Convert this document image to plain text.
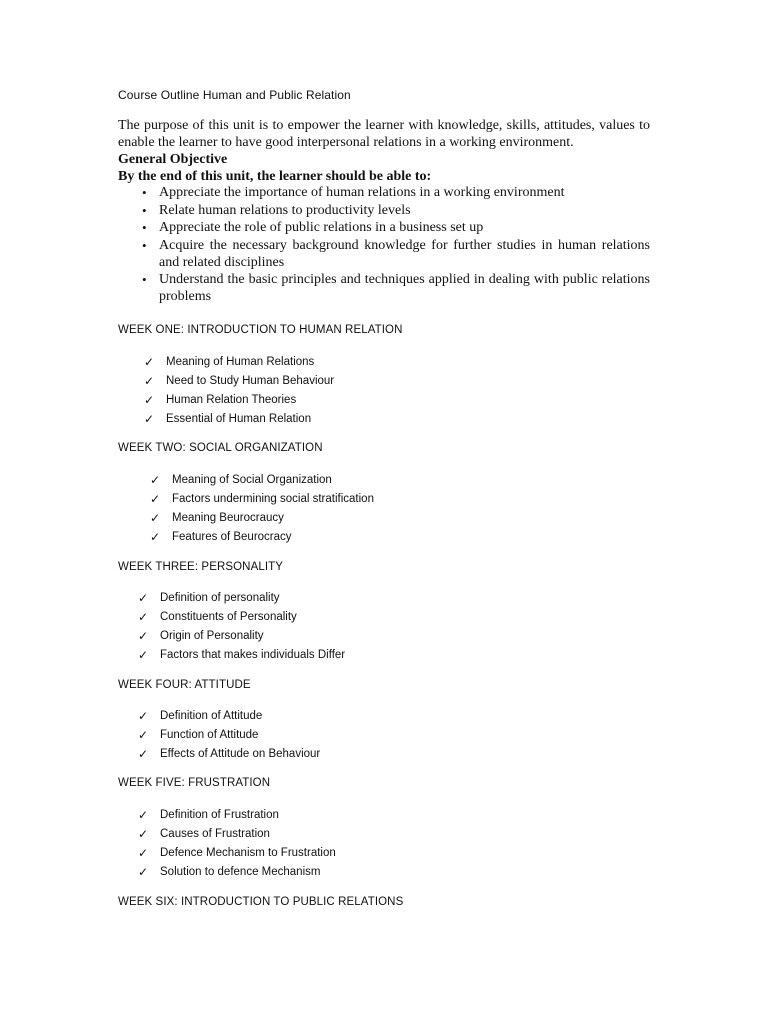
Course Outline Human and Public Relation
The purpose of this unit is to empower the learner with knowledge, skills, attitudes, values to enable the learner to have good interpersonal relations in a working environment.
General Objective
By the end of this unit, the learner should be able to:
• Appreciate the importance of human relations in a working environment
• Relate human relations to productivity levels
• Appreciate the role of public relations in a business set up
• Acquire the necessary background knowledge for further studies in human relations and related disciplines
• Understand the basic principles and techniques applied in dealing with public relations problems
WEEK ONE: INTRODUCTION TO HUMAN RELATION
✓ Meaning of Human Relations
✓ Need to Study Human Behaviour
✓ Human Relation Theories
✓ Essential of Human Relation
WEEK TWO: SOCIAL ORGANIZATION
✓ Meaning of Social Organization
✓ Factors undermining social stratification
✓ Meaning Beurocraucy
✓ Features of Beurocracy
WEEK THREE: PERSONALITY
✓ Definition of personality
✓ Constituents of Personality
✓ Origin of Personality
✓ Factors that makes individuals Differ
WEEK FOUR: ATTITUDE
✓ Definition of Attitude
✓ Function of Attitude
✓ Effects of Attitude on Behaviour
WEEK FIVE: FRUSTRATION
✓ Definition of Frustration
✓ Causes of Frustration
✓ Defence Mechanism to Frustration
✓ Solution to defence Mechanism
WEEK SIX: INTRODUCTION TO PUBLIC RELATIONS
